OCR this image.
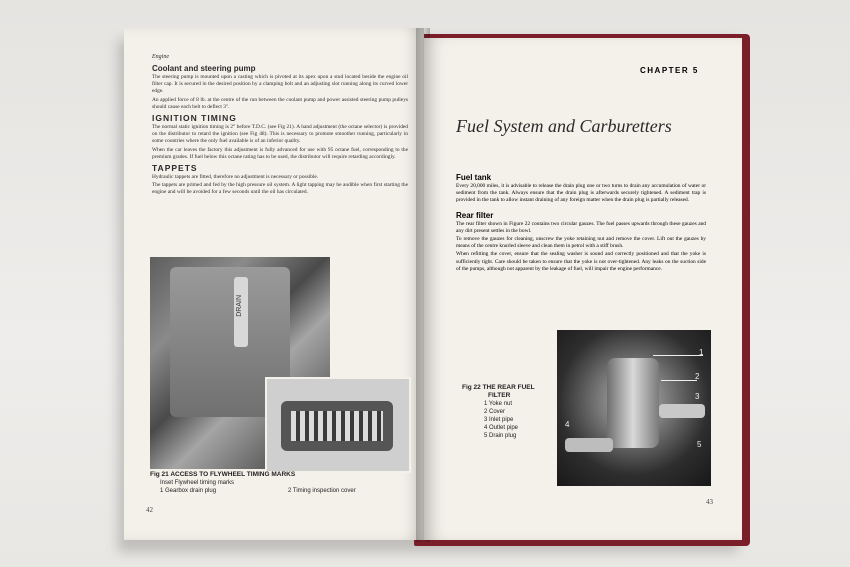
Engine
Coolant and steering pump

The steering pump is mounted upon a casting which is pivoted at its apex upon a stud located beside the engine oil filter cap. It is secured in the desired position by a clamping bolt and an adjusting slot running along its curved lower edge.

An applied force of 8 lb. at the centre of the run between the coolant pump and power assisted steering pump pulleys should cause each belt to deflect 3".

IGNITION TIMING

The normal static ignition timing is 2° before T.D.C. (see Fig 21). A hand adjustment (the octane selector) is provided on the distributor to retard the ignition (see Fig 48). This is necessary to promote smoother running, particularly in some countries where the only fuel available is of an inferior quality.

When the car leaves the factory this adjustment is fully advanced for use with 95 octane fuel, corresponding to the premium grades. If fuel below this octane rating has to be used, the distributor will require retarding accordingly.

TAPPETS

Hydraulic tappets are fitted, therefore no adjustment is necessary or possible.

The tappets are primed and fed by the high pressure oil system. A light tapping may be audible when first starting the engine and will be avoided for a few seconds until the oil has circulated.

DRAIN
Fig 21 ACCESS TO FLYWHEEL TIMING MARKS
Inset Flywheel timing marks
1 Gearbox drain plug	2 Timing inspection cover
42
CHAPTER 5
Fuel System and Carburetters
Fuel tank

Every 20,000 miles, it is advisable to release the drain plug one or two turns to drain any accumulation of water or sediment from the tank. Always ensure that the drain plug is afterwards securely tightened. A sediment trap is provided in the tank to allow instant draining of any foreign matter when the drain plug is partially released.

Rear filter

The rear filter shown in Figure 22 contains two circular gauzes. The fuel passes upwards through these gauzes and any dirt present settles in the bowl.

To remove the gauzes for cleaning, unscrew the yoke retaining nut and remove the cover. Lift out the gauzes by means of the centre knurled sleeve and clean them in petrol with a stiff brush.

When refitting the cover, ensure that the sealing washer is sound and correctly positioned and that the yoke is sufficiently tight. Care should be taken to ensure that the yoke is not over-tightened. Any leaks on the suction side of the pumps, although not apparent by the leakage of fuel, will impair the engine performance.

1
2
3
4
5
Fig 22 THE REAR FUEL
FILTER
1 Yoke nut
2 Cover
3 Inlet pipe
4 Outlet pipe
5 Drain plug
43
